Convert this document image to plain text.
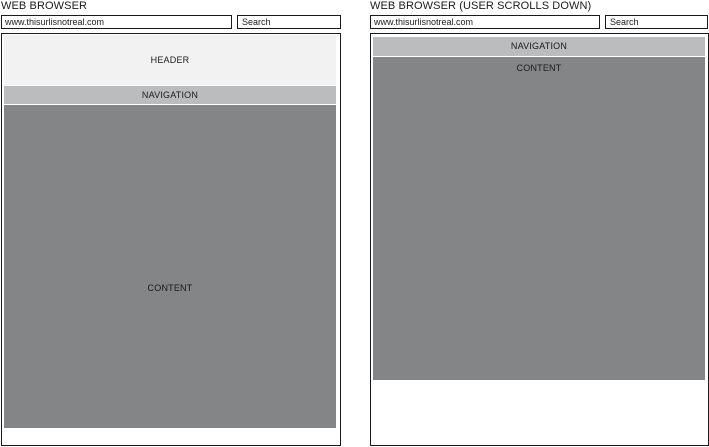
WEB BROWSER
www.thisurlisnotreal.com	Search
HEADER
NAVIGATION
CONTENT
WEB BROWSER (USER SCROLLS DOWN)
www.thisurlisnotreal.com	Search
NAVIGATION
CONTENT
